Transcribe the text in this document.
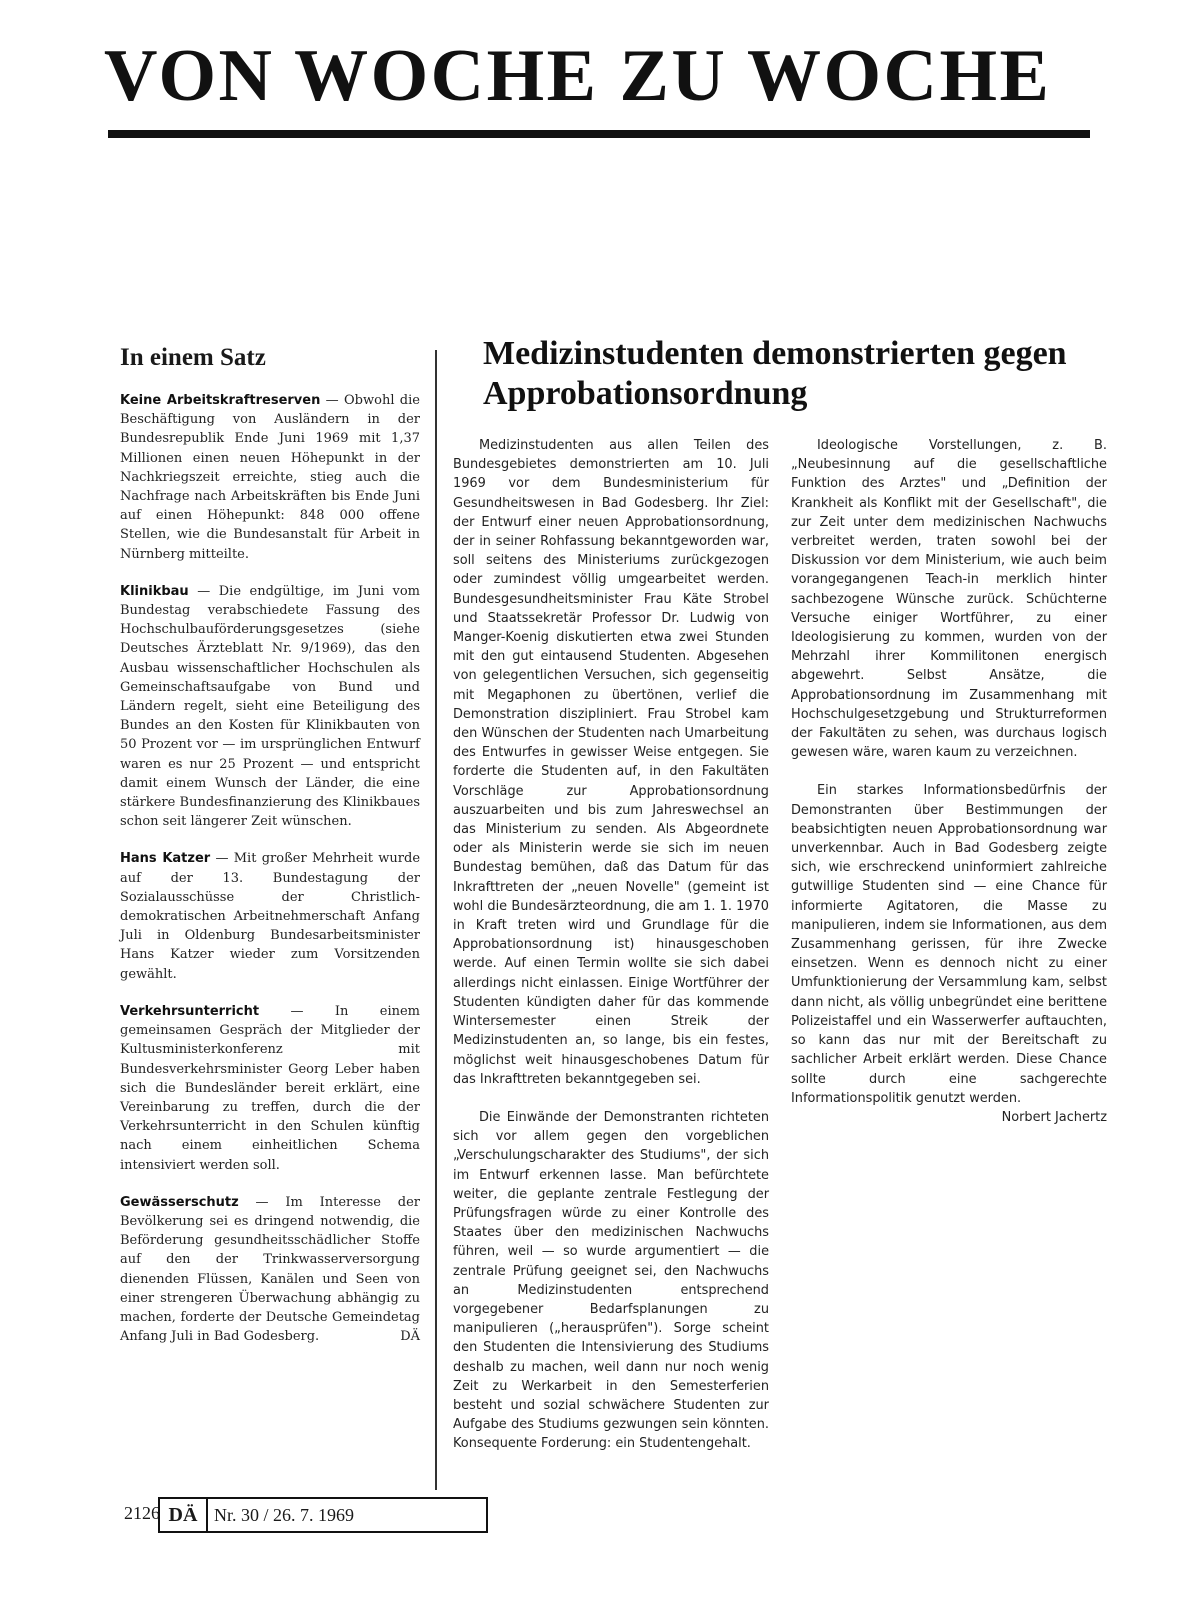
VON WOCHE ZU WOCHE
In einem Satz

Keine Arbeitskraftreserven — Obwohl die Beschäftigung von Ausländern in der Bundesrepublik Ende Juni 1969 mit 1,37 Millionen einen neuen Höhepunkt in der Nachkriegszeit erreichte, stieg auch die Nachfrage nach Arbeitskräften bis Ende Juni auf einen Höhepunkt: 848 000 offene Stellen, wie die Bundesanstalt für Arbeit in Nürnberg mitteilte.

Klinikbau — Die endgültige, im Juni vom Bundestag verabschiedete Fassung des Hochschulbauförderungsgesetzes (siehe Deutsches Ärzteblatt Nr. 9/1969), das den Ausbau wissenschaftlicher Hochschulen als Gemeinschaftsaufgabe von Bund und Ländern regelt, sieht eine Beteiligung des Bundes an den Kosten für Klinikbauten von 50 Prozent vor — im ursprünglichen Entwurf waren es nur 25 Prozent — und entspricht damit einem Wunsch der Länder, die eine stärkere Bundesfinanzierung des Klinikbaues schon seit längerer Zeit wünschen.

Hans Katzer — Mit großer Mehrheit wurde auf der 13. Bundestagung der Sozialausschüsse der Christlich-demokratischen Arbeitnehmerschaft Anfang Juli in Oldenburg Bundesarbeitsminister Hans Katzer wieder zum Vorsitzenden gewählt.

Verkehrsunterricht — In einem gemeinsamen Gespräch der Mitglieder der Kultusministerkonferenz mit Bundesverkehrsminister Georg Leber haben sich die Bundesländer bereit erklärt, eine Vereinbarung zu treffen, durch die der Verkehrsunterricht in den Schulen künftig nach einem einheitlichen Schema intensiviert werden soll.

Gewässerschutz — Im Interesse der Bevölkerung sei es dringend notwendig, die Beförderung gesundheitsschädlicher Stoffe auf den der Trinkwasserversorgung dienenden Flüssen, Kanälen und Seen von einer strengeren Überwachung abhängig zu machen, forderte der Deutsche Gemeindetag Anfang Juli in Bad Godesberg.	DÄ

Medizinstudenten demonstrierten gegen Approbationsordnung

Medizinstudenten aus allen Teilen des Bundesgebietes demonstrierten am 10. Juli 1969 vor dem Bundesministerium für Gesundheitswesen in Bad Godesberg. Ihr Ziel: der Entwurf einer neuen Approbationsordnung, der in seiner Rohfassung bekanntgeworden war, soll seitens des Ministeriums zurückgezogen oder zumindest völlig umgearbeitet werden. Bundesgesundheitsminister Frau Käte Strobel und Staatssekretär Professor Dr. Ludwig von Manger-Koenig diskutierten etwa zwei Stunden mit den gut eintausend Studenten. Abgesehen von gelegentlichen Versuchen, sich gegenseitig mit Megaphonen zu übertönen, verlief die Demonstration diszipliniert. Frau Strobel kam den Wünschen der Studenten nach Umarbeitung des Entwurfes in gewisser Weise entgegen. Sie forderte die Studenten auf, in den Fakultäten Vorschläge zur Approbationsordnung auszuarbeiten und bis zum Jahreswechsel an das Ministerium zu senden. Als Abgeordnete oder als Ministerin werde sie sich im neuen Bundestag bemühen, daß das Datum für das Inkrafttreten der „neuen Novelle" (gemeint ist wohl die Bundesärzteordnung, die am 1. 1. 1970 in Kraft treten wird und Grundlage für die Approbationsordnung ist) hinausgeschoben werde. Auf einen Termin wollte sie sich dabei allerdings nicht einlassen. Einige Wortführer der Studenten kündigten daher für das kommende Wintersemester einen Streik der Medizinstudenten an, so lange, bis ein festes, möglichst weit hinausgeschobenes Datum für das Inkrafttreten bekanntgegeben sei.

Die Einwände der Demonstranten richteten sich vor allem gegen den vorgeblichen „Verschulungscharakter des Studiums", der sich im Entwurf erkennen lasse. Man befürchtete weiter, die geplante zentrale Festlegung der Prüfungsfragen würde zu einer Kontrolle des Staates über den medizinischen Nachwuchs führen, weil — so wurde argumentiert — die zentrale Prüfung geeignet sei, den Nachwuchs an Medizinstudenten entsprechend vorgegebener Bedarfsplanungen zu manipulieren („herausprüfen"). Sorge scheint den Studenten die Intensivierung des Studiums deshalb zu machen, weil dann nur noch wenig Zeit zu Werkarbeit in den Semesterferien besteht und sozial schwächere Studenten zur Aufgabe des Studiums gezwungen sein könnten. Konsequente Forderung: ein Studentengehalt.

Ideologische Vorstellungen, z. B. „Neubesinnung auf die gesellschaftliche Funktion des Arztes" und „Definition der Krankheit als Konflikt mit der Gesellschaft", die zur Zeit unter dem medizinischen Nachwuchs verbreitet werden, traten sowohl bei der Diskussion vor dem Ministerium, wie auch beim vorangegangenen Teach-in merklich hinter sachbezogene Wünsche zurück. Schüchterne Versuche einiger Wortführer, zu einer Ideologisierung zu kommen, wurden von der Mehrzahl ihrer Kommilitonen energisch abgewehrt. Selbst Ansätze, die Approbationsordnung im Zusammenhang mit Hochschulgesetzgebung und Strukturreformen der Fakultäten zu sehen, was durchaus logisch gewesen wäre, waren kaum zu verzeichnen.

Ein starkes Informationsbedürfnis der Demonstranten über Bestimmungen der beabsichtigten neuen Approbationsordnung war unverkennbar. Auch in Bad Godesberg zeigte sich, wie erschreckend uninformiert zahlreiche gutwillige Studenten sind — eine Chance für informierte Agitatoren, die Masse zu manipulieren, indem sie Informationen, aus dem Zusammenhang gerissen, für ihre Zwecke einsetzen. Wenn es dennoch nicht zu einer Umfunktionierung der Versammlung kam, selbst dann nicht, als völlig unbegründet eine berittene Polizeistaffel und ein Wasserwerfer auftauchten, so kann das nur mit der Bereitschaft zu sachlicher Arbeit erklärt werden. Diese Chance sollte durch eine sachgerechte Informationspolitik genutzt werden.
Norbert Jachertz

2126 DÄ Nr. 30 / 26. 7. 1969
